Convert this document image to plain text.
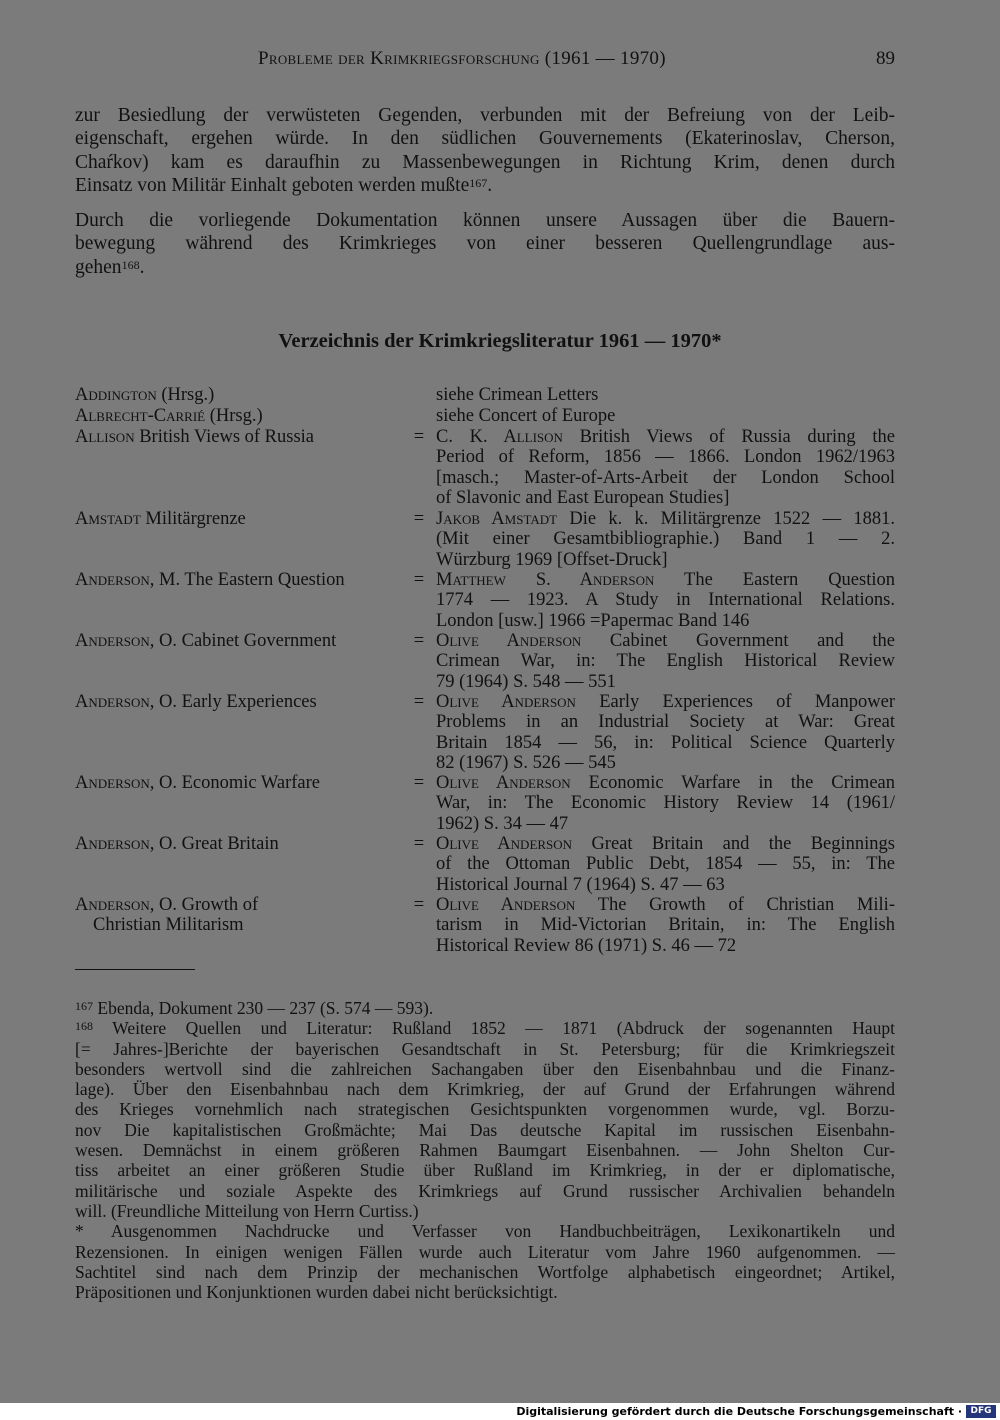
Probleme der Krimkriegsforschung (1961 — 1970)	89
zur Besiedlung der verwüsteten Gegenden, verbunden mit der Befreiung von der Leib-
eigenschaft, ergehen würde. In den südlichen Gouvernements (Ekaterinoslav, Cherson,
Chaŕkov) kam es daraufhin zu Massenbewegungen in Richtung Krim, denen durch
Einsatz von Militär Einhalt geboten werden mußte$^{167}$.
Durch die vorliegende Dokumentation können unsere Aussagen über die Bauern-
bewegung während des Krimkrieges von einer besseren Quellengrundlage aus-
gehen$^{168}$.
Verzeichnis der Krimkriegsliteratur 1961 — 1970*
Addington (Hrsg.)	siehe Crimean Letters
Albrecht-Carrié (Hrsg.)	siehe Concert of Europe
Allison British Views of Russia	= C. K. Allison British Views of Russia during the
Period of Reform, 1856 — 1866. London 1962/1963
[masch.; Master-of-Arts-Arbeit der London School
of Slavonic and East European Studies]
Amstadt Militärgrenze	= Jakob Amstadt Die k. k. Militärgrenze 1522 — 1881.
(Mit einer Gesamtbibliographie.) Band 1 — 2.
Würzburg 1969 [Offset-Druck]
Anderson, M. The Eastern Question	= Matthew S. Anderson The Eastern Question
1774 — 1923. A Study in International Relations.
London [usw.] 1966 =Papermac Band 146
Anderson, O. Cabinet Government	= Olive Anderson Cabinet Government and the
Crimean War, in: The English Historical Review
79 (1964) S. 548 — 551
Anderson, O. Early Experiences	= Olive Anderson Early Experiences of Manpower
Problems in an Industrial Society at War: Great
Britain 1854 — 56, in: Political Science Quarterly
82 (1967) S. 526 — 545
Anderson, O. Economic Warfare	= Olive Anderson Economic Warfare in the Crimean
War, in: The Economic History Review 14 (1961/
1962) S. 34 — 47
Anderson, O. Great Britain	= Olive Anderson Great Britain and the Beginnings
of the Ottoman Public Debt, 1854 — 55, in: The
Historical Journal 7 (1964) S. 47 — 63
Anderson, O. Growth of
Christian Militarism
= Olive Anderson The Growth of Christian Mili-
tarism in Mid-Victorian Britain, in: The English
Historical Review 86 (1971) S. 46 — 72

$^{167}$ Ebenda, Dokument 230 — 237 (S. 574 — 593).

$^{168}$ Weitere Quellen und Literatur: Rußland 1852 — 1871 (Abdruck der sogenannten Haupt
[= Jahres-]Berichte der bayerischen Gesandtschaft in St. Petersburg; für die Krimkriegszeit
besonders wertvoll sind die zahlreichen Sachangaben über den Eisenbahnbau und die Finanz-
lage). Über den Eisenbahnbau nach dem Krimkrieg, der auf Grund der Erfahrungen während
des Krieges vornehmlich nach strategischen Gesichtspunkten vorgenommen wurde, vgl. Borzu-
nov Die kapitalistischen Großmächte; Mai Das deutsche Kapital im russischen Eisenbahn-
wesen. Demnächst in einem größeren Rahmen Baumgart Eisenbahnen. — John Shelton Cur-
tiss arbeitet an einer größeren Studie über Rußland im Krimkrieg, in der er diplomatische,
militärische und soziale Aspekte des Krimkriegs auf Grund russischer Archivalien behandeln
will. (Freundliche Mitteilung von Herrn Curtiss.)

* Ausgenommen Nachdrucke und Verfasser von Handbuchbeiträgen, Lexikonartikeln und
Rezensionen. In einigen wenigen Fällen wurde auch Literatur vom Jahre 1960 aufgenommen. —
Sachtitel sind nach dem Prinzip der mechanischen Wortfolge alphabetisch eingeordnet; Artikel,
Präpositionen und Konjunktionen wurden dabei nicht berücksichtigt.

Digitalisierung gefördert durch die Deutsche Forschungsgemeinschaft · DFG
